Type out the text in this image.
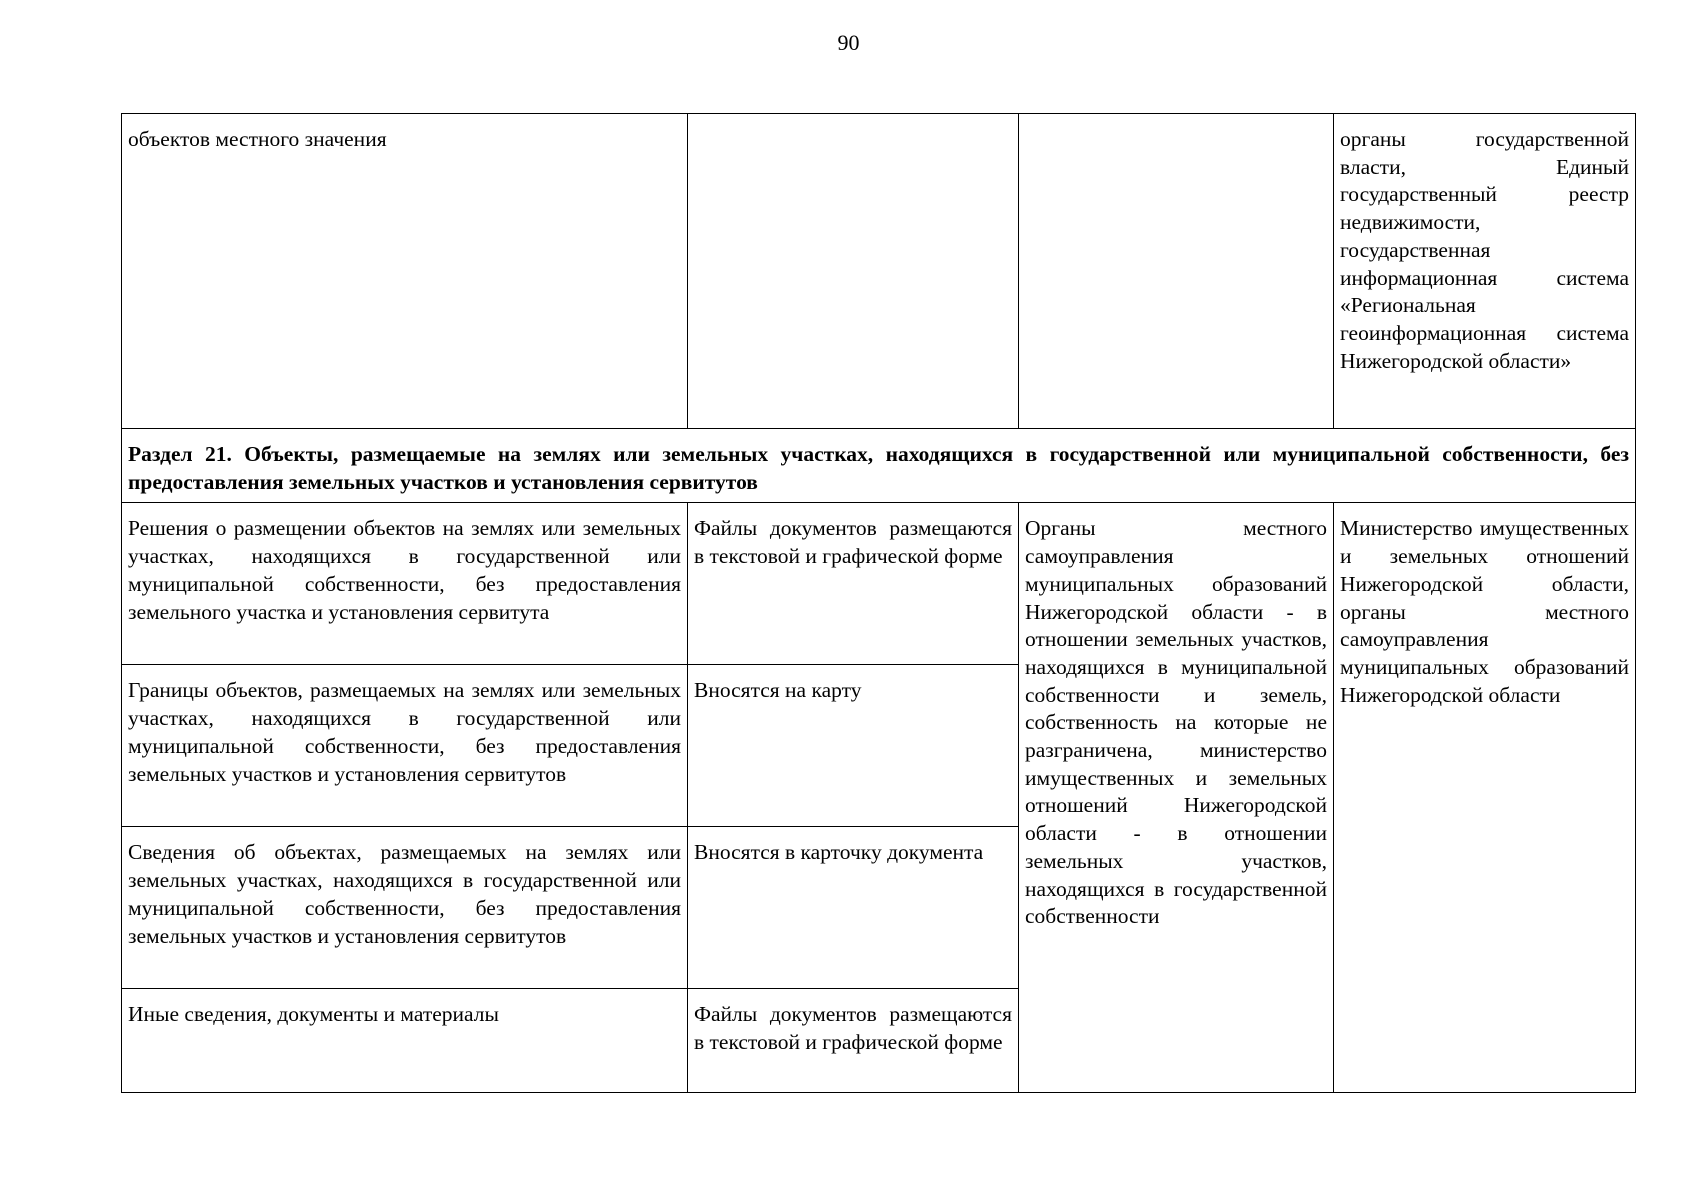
90
объектов местного значения			органы государственной власти, Единый государственный реестр недвижимости, государственная информационная система «Региональная геоинформационная система Нижегородской области»
Раздел 21. Объекты, размещаемые на землях или земельных участках, находящихся в государственной или муниципальной собственности, без предоставления земельных участков и установления сервитутов			
Решения о размещении объектов на землях или земельных участках, находящихся в государственной или муниципальной собственности, без предоставления земельного участка и установления сервитута	Файлы документов размещаются в текстовой и графической форме	Органы местного самоуправления муниципальных образований Нижегородской области - в отношении земельных участков, находящихся в муниципальной собственности и земель, собственность на которые не разграничена, министерство имущественных и земельных отношений Нижегородской области - в отношении земельных участков, находящихся в государственной собственности	Министерство имущественных и земельных отношений Нижегородской области, органы местного самоуправления муниципальных образований Нижегородской области
Границы объектов, размещаемых на землях или земельных участках, находящихся в государственной или муниципальной собственности, без предоставления земельных участков и установления сервитутов	Вносятся на карту		
Сведения об объектах, размещаемых на землях или земельных участках, находящихся в государственной или муниципальной собственности, без предоставления земельных участков и установления сервитутов	Вносятся в карточку документа		
Иные сведения, документы и материалы	Файлы документов размещаются в текстовой и графической форме		
